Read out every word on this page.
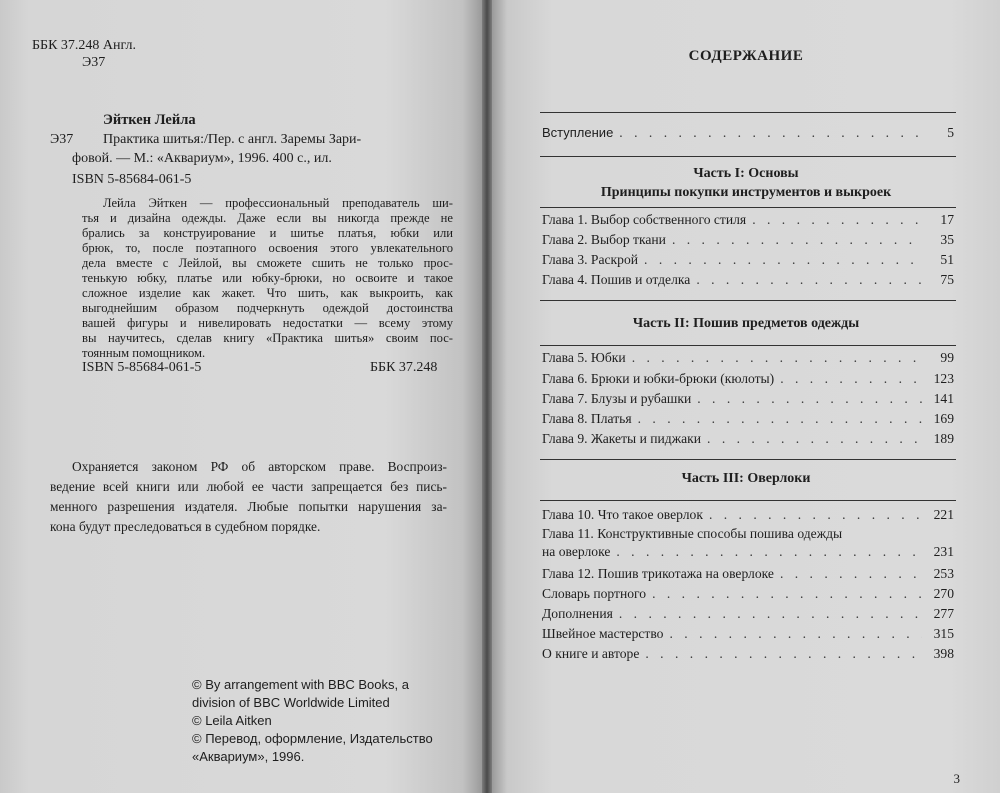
ББК 37.248 Англ.
Э37
Эйткен Лейла
Э37 Практика шитья:/Пер. с англ. Заремы Зари-
фовой. — М.: «Аквариум», 1996. 400 с., ил.
ISBN 5-85684-061-5
Лейла Эйткен — профессиональный преподаватель ши-
тья и дизайна одежды. Даже если вы никогда прежде не
брались за конструирование и шитье платья, юбки или
брюк, то, после поэтапного освоения этого увлекательного
дела вместе с Лейлой, вы сможете сшить не только прос-
тенькую юбку, платье или юбку-брюки, но освоите и такое
сложное изделие как жакет. Что шить, как выкроить, как
выгоднейшим образом подчеркнуть одеждой достоинства
вашей фигуры и нивелировать недостатки — всему этому
вы научитесь, сделав книгу «Практика шитья» своим пос-
тоянным помощником.
ISBN 5-85684-061-5	ББК 37.248
Охраняется законом РФ об авторском праве. Воспроиз-
ведение всей книги или любой ее части запрещается без пись-
менного разрешения издателя. Любые попытки нарушения за-
кона будут преследоваться в судебном порядке.
© By arrangement with BBC Books, a
division of BBC Worldwide Limited
© Leila Aitken
© Перевод, оформление, Издательство
«Аквариум», 1996.
СОДЕРЖАНИЕ
Вступление . . .	5
Часть I: Основы
Принципы покупки инструментов и выкроек
Глава 1. Выбор собственного стиля . . .	17
Глава 2. Выбор ткани . . .	35
Глава 3. Раскрой . . .	51
Глава 4. Пошив и отделка . . .	75
Часть II: Пошив предметов одежды
Глава 5. Юбки . . .	99
Глава 6. Брюки и юбки-брюки (кюлоты) . . .	123
Глава 7. Блузы и рубашки . . .	141
Глава 8. Платья . . .	169
Глава 9. Жакеты и пиджаки . . .	189
Часть III: Оверлоки
Глава 10. Что такое оверлок . . .	221
Глава 11. Конструктивные способы пошива одежды
на оверлоке . . .	231
Глава 12. Пошив трикотажа на оверлоке . . .	253
Словарь портного . . .	270
Дополнения . . .	277
Швейное мастерство . . .	315
О книге и авторе . . .	398
3
